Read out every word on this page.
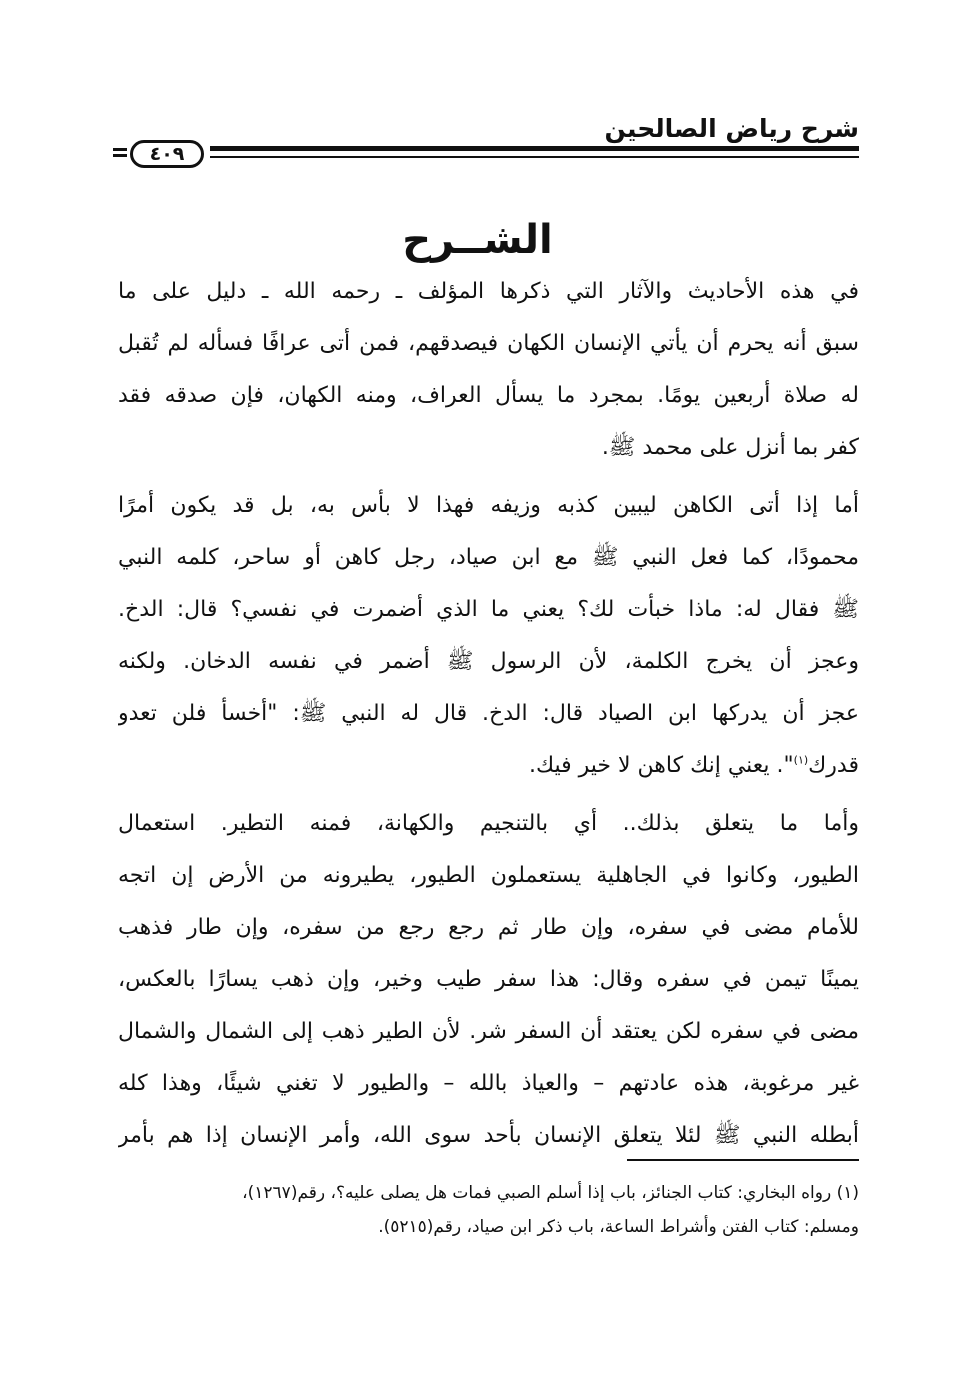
شرح رياض الصالحين
٤٠٩
الشــرح
في هذه الأحاديث والآثار التي ذكرها المؤلف ـ رحمه الله ـ دليل على ما
سبق أنه يحرم أن يأتي الإنسان الكهان فيصدقهم، فمن أتى عرافًا فسأله لم تُقبل
له صلاة أربعين يومًا. بمجرد ما يسأل العراف، ومنه الكهان، فإن صدقه فقد
كفر بما أنزل على محمد ﷺ.
أما إذا أتى الكاهن ليبين كذبه وزيفه فهذا لا بأس به، بل قد يكون أمرًا
محمودًا، كما فعل النبي ﷺ مع ابن صياد، رجل كاهن أو ساحر، كلمه النبي
ﷺ فقال له: ماذا خبأت لك؟ يعني ما الذي أضمرت في نفسي؟ قال: الدخ.
وعجز أن يخرج الكلمة، لأن الرسول ﷺ أضمر في نفسه الدخان. ولكنه
عجز أن يدركها ابن الصياد قال: الدخ. قال له النبي ﷺ: "أخسأ فلن تعدو
قدرك$^{(١)}$". يعني إنك كاهن لا خير فيك.
وأما ما يتعلق بذلك.. أي بالتنجيم والكهانة، فمنه التطير. استعمال
الطيور، وكانوا في الجاهلية يستعملون الطيور، يطيرونه من الأرض إن اتجه
للأمام مضى في سفره، وإن طار ثم رجع رجع من سفره، وإن طار فذهب
يمينًا تيمن في سفره وقال: هذا سفر طيب وخير، وإن ذهب يسارًا بالعكس،
مضى في سفره لكن يعتقد أن السفر شر. لأن الطير ذهب إلى الشمال والشمال
غير مرغوبة، هذه عادتهم – والعياذ بالله – والطيور لا تغني شيئًا، وهذا كله
أبطله النبي ﷺ لئلا يتعلق الإنسان بأحد سوى الله، وأمر الإنسان إذا هم بأمر
(١) رواه البخاري: كتاب الجنائز، باب إذا أسلم الصبي فمات هل يصلى عليه؟، رقم(١٢٦٧)،
ومسلم: كتاب الفتن وأشراط الساعة، باب ذكر ابن صياد، رقم(٥٢١٥).
